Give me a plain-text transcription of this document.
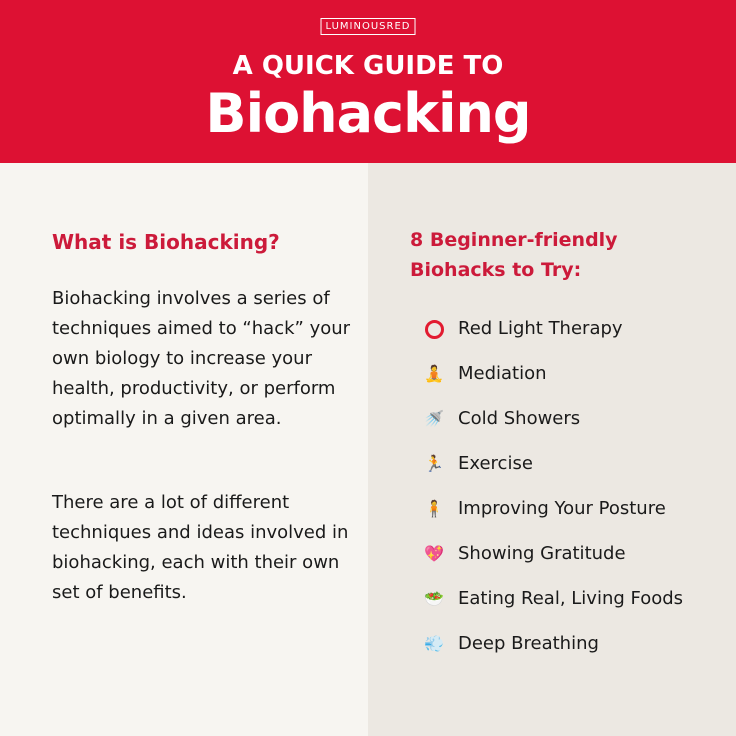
LUMINOUSRED
A QUICK GUIDE TO
Biohacking
What is Biohacking?

Biohacking involves a series of techniques aimed to “hack” your own biology to increase your health, productivity, or perform optimally in a given area.

There are a lot of different techniques and ideas involved in biohacking, each with their own set of benefits.

8 Beginner-friendly
Biohacks to Try:
Red Light Therapy
🧘 Mediation
🚿 Cold Showers
🏃 Exercise
🧍 Improving Your Posture
💖 Showing Gratitude
🥗 Eating Real, Living Foods
💨 Deep Breathing
